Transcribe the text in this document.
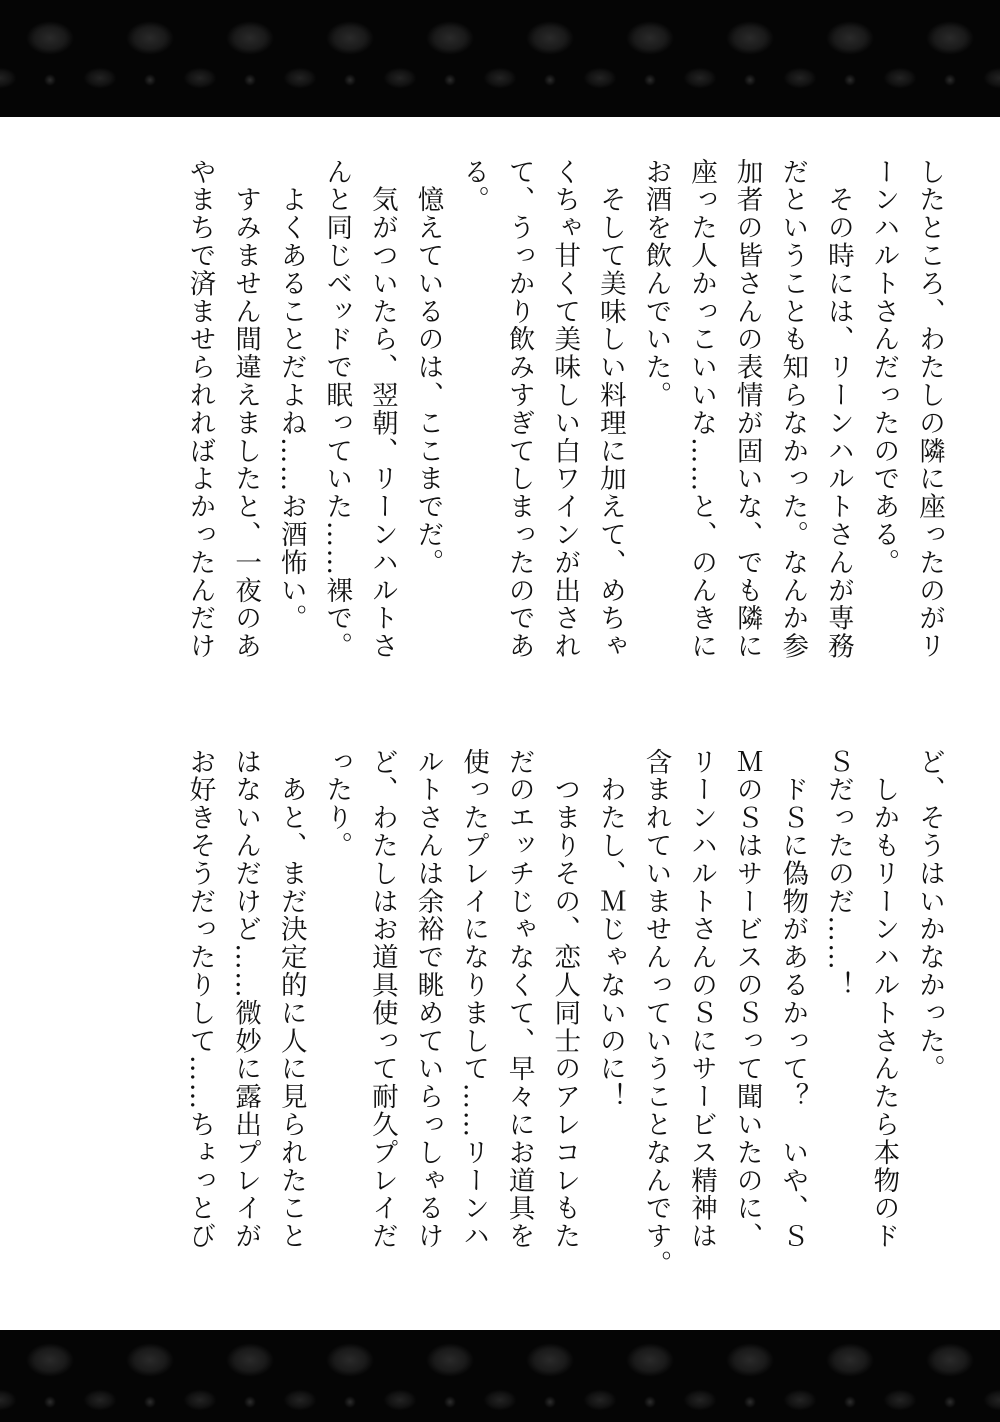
したところ、わたしの隣に座ったのがリ
ーンハルトさんだったのである。
　その時には、リーンハルトさんが専務
だということも知らなかった。なんか参
加者の皆さんの表情が固いな、でも隣に
座った人かっこいいな……と、のんきに
お酒を飲んでいた。
　そして美味しい料理に加えて、めちゃ
くちゃ甘くて美味しい白ワインが出され
て、うっかり飲みすぎてしまったのであ
る。
　憶えているのは、ここまでだ。
　気がついたら、翌朝、リーンハルトさ
んと同じベッドで眠っていた……裸で。
　よくあることだよね……お酒怖い。
　すみません間違えましたと、一夜のあ
やまちで済ませられればよかったんだけ
ど、そうはいかなかった。
　しかもリーンハルトさんたら本物のド
Ｓだったのだ……！
　ドＳに偽物があるかって？　いや、Ｓ
ＭのＳはサービスのＳって聞いたのに、
リーンハルトさんのＳにサービス精神は
含まれていませんっていうことなんです。
　わたし、Ｍじゃないのに！
　つまりその、恋人同士のアレコレもた
だのエッチじゃなくて、早々にお道具を
使ったプレイになりまして……リーンハ
ルトさんは余裕で眺めていらっしゃるけ
ど、わたしはお道具使って耐久プレイだ
ったり。
　あと、まだ決定的に人に見られたこと
はないんだけど……微妙に露出プレイが
お好きそうだったりして……ちょっとび
